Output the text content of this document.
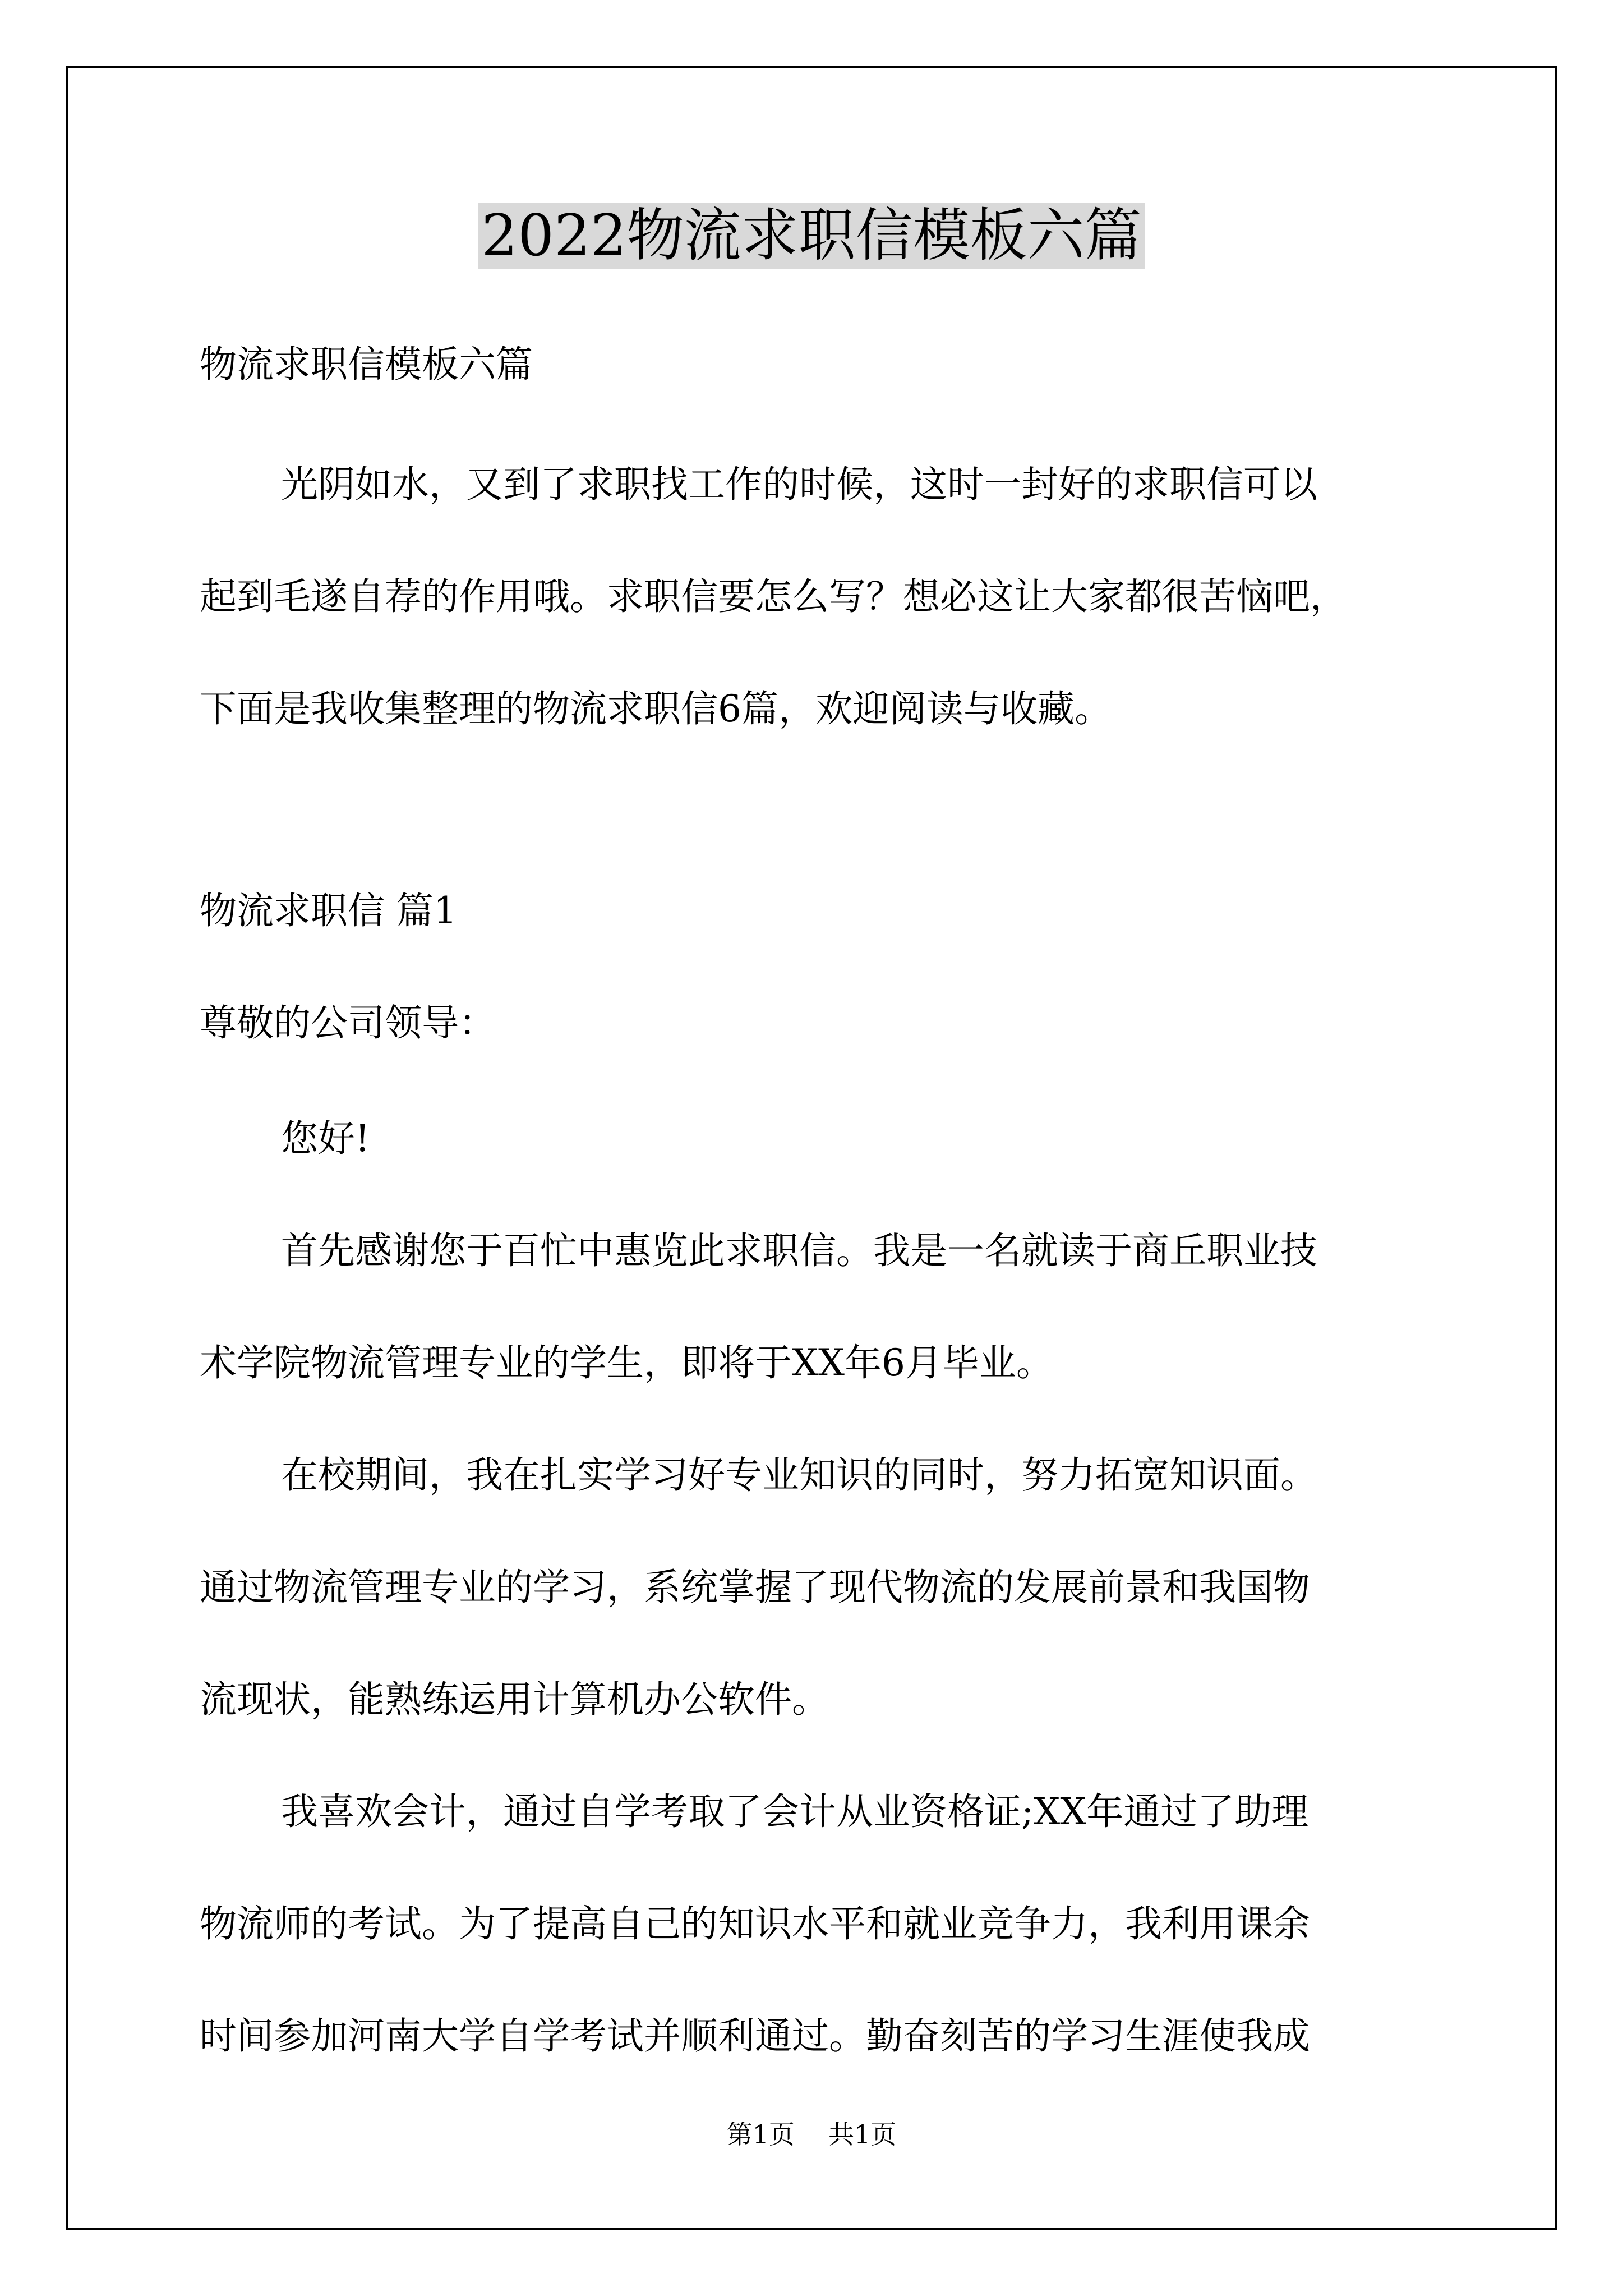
2022物流求职信模板六篇

物流求职信模板六篇

光阴如水，又到了求职找工作的时候，这时一封好的求职信可以

起到毛遂自荐的作用哦。求职信要怎么写？想必这让大家都很苦恼吧，

下面是我收集整理的物流求职信6篇，欢迎阅读与收藏。

物流求职信 篇1

尊敬的公司领导：

您好!

首先感谢您于百忙中惠览此求职信。我是一名就读于商丘职业技

术学院物流管理专业的学生，即将于XX年6月毕业。

在校期间，我在扎实学习好专业知识的同时，努力拓宽知识面。

通过物流管理专业的学习，系统掌握了现代物流的发展前景和我国物

流现状，能熟练运用计算机办公软件。

我喜欢会计，通过自学考取了会计从业资格证;XX年通过了助理

物流师的考试。为了提高自己的知识水平和就业竞争力，我利用课余

时间参加河南大学自学考试并顺利通过。勤奋刻苦的学习生涯使我成

第1页 共1页
